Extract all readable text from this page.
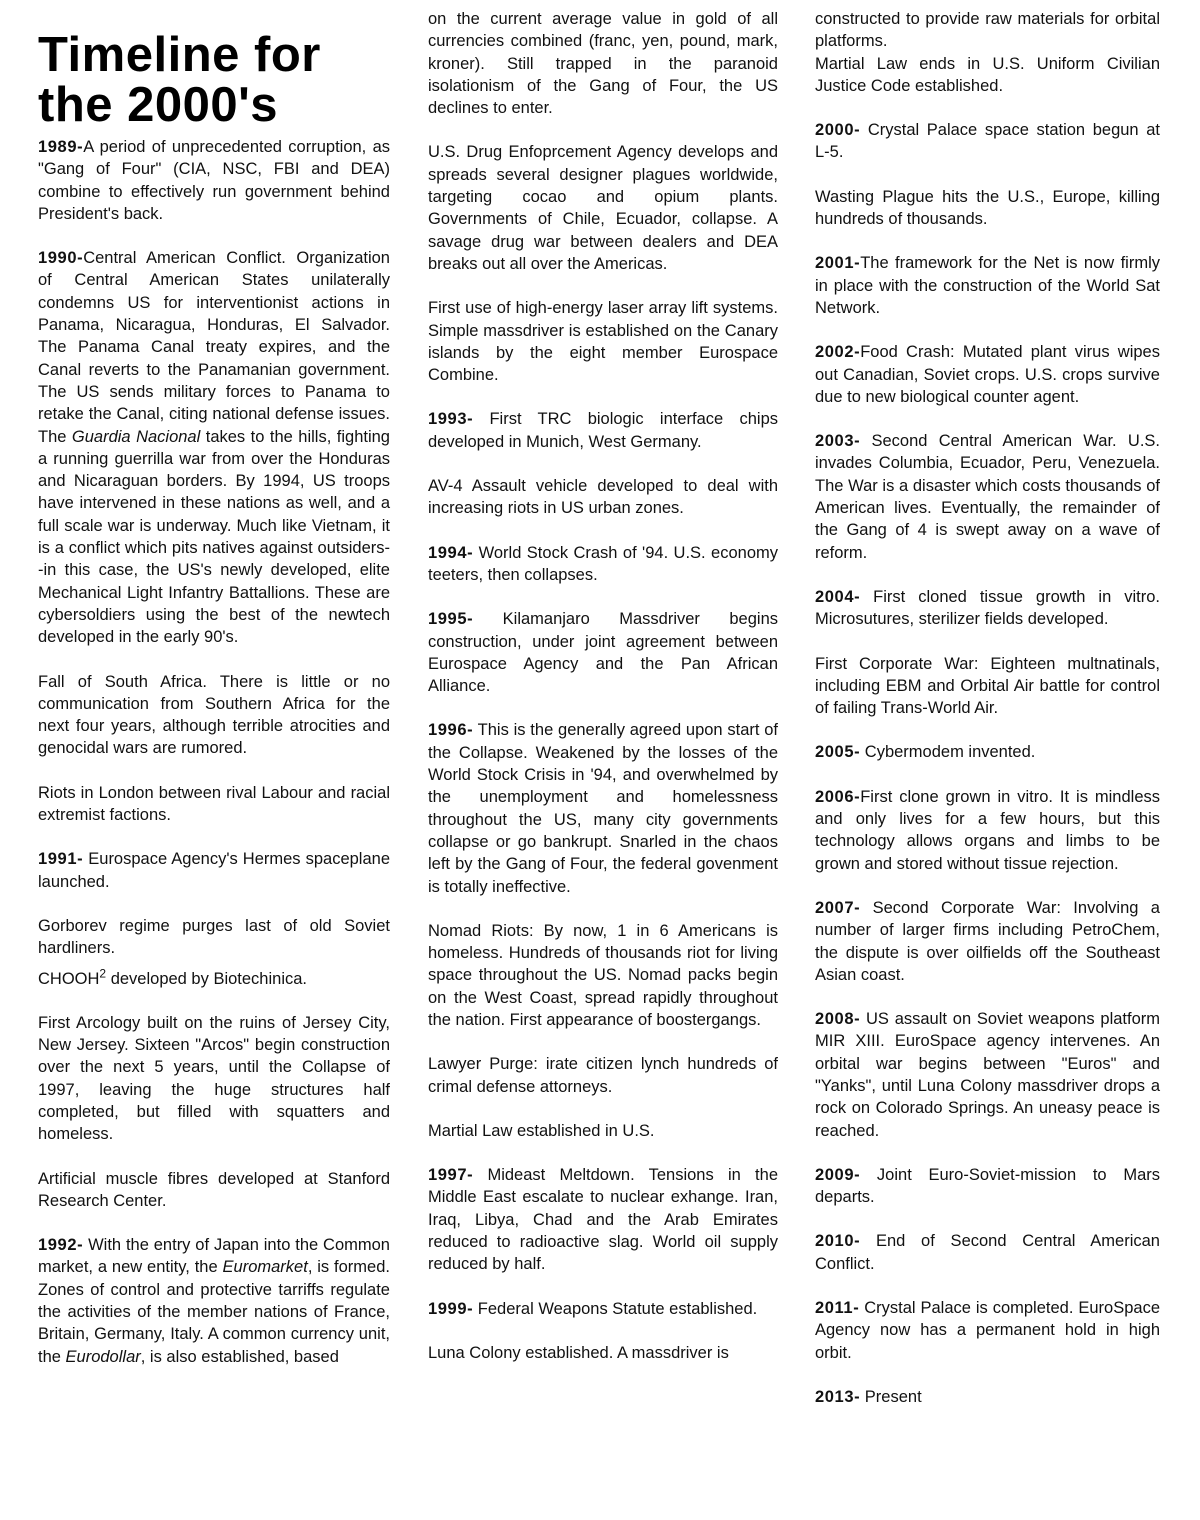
Timeline for
the 2000's

1989-A period of unprecedented corruption, as "Gang of Four" (CIA, NSC, FBI and DEA) combine to effectively run government behind President's back.

1990-Central American Conflict. Organization of Central American States unilaterally condemns US for interventionist actions in Panama, Nicaragua, Honduras, El Salvador. The Panama Canal treaty expires, and the Canal reverts to the Panamanian government. The US sends military forces to Panama to retake the Canal, citing national defense issues. The Guardia Nacional takes to the hills, fighting a running guerrilla war from over the Honduras and Nicaraguan borders. By 1994, US troops have intervened in these nations as well, and a full scale war is underway. Much like Vietnam, it is a conflict which pits natives against outsiders--in this case, the US's newly developed, elite Mechanical Light Infantry Battallions. These are cybersoldiers using the best of the newtech developed in the early 90's.

Fall of South Africa. There is little or no communication from Southern Africa for the next four years, although terrible atrocities and genocidal wars are rumored.

Riots in London between rival Labour and racial extremist factions.

1991- Eurospace Agency's Hermes spaceplane launched.

Gorborev regime purges last of old Soviet hardliners.

CHOOH$^2$ developed by Biotechinica.

First Arcology built on the ruins of Jersey City, New Jersey. Sixteen "Arcos" begin construction over the next 5 years, until the Collapse of 1997, leaving the huge structures half completed, but filled with squatters and homeless.

Artificial muscle fibres developed at Stanford Research Center.

1992- With the entry of Japan into the Common market, a new entity, the Euromarket, is formed. Zones of control and protective tarriffs regulate the activities of the member nations of France, Britain, Germany, Italy. A common currency unit, the Eurodollar, is also established, based

on the current average value in gold of all currencies combined (franc, yen, pound, mark, kroner). Still trapped in the paranoid isolationism of the Gang of Four, the US declines to enter.

U.S. Drug Enfoprcement Agency develops and spreads several designer plagues worldwide, targeting cocao and opium plants. Governments of Chile, Ecuador, collapse. A savage drug war between dealers and DEA breaks out all over the Americas.

First use of high-energy laser array lift systems. Simple massdriver is established on the Canary islands by the eight member Eurospace Combine.

1993- First TRC biologic interface chips developed in Munich, West Germany.

AV-4 Assault vehicle developed to deal with increasing riots in US urban zones.

1994- World Stock Crash of '94. U.S. economy teeters, then collapses.

1995- Kilamanjaro Massdriver begins construction, under joint agreement between Eurospace Agency and the Pan African Alliance.

1996- This is the generally agreed upon start of the Collapse. Weakened by the losses of the World Stock Crisis in '94, and overwhelmed by the unemployment and homelessness throughout the US, many city governments collapse or go bankrupt. Snarled in the chaos left by the Gang of Four, the federal govenment is totally ineffective.

Nomad Riots: By now, 1 in 6 Americans is homeless. Hundreds of thousands riot for living space throughout the US. Nomad packs begin on the West Coast, spread rapidly throughout the nation. First appearance of boostergangs.

Lawyer Purge: irate citizen lynch hundreds of crimal defense attorneys.

Martial Law established in U.S.

1997- Mideast Meltdown. Tensions in the Middle East escalate to nuclear exhange. Iran, Iraq, Libya, Chad and the Arab Emirates reduced to radioactive slag. World oil supply reduced by half.

1999- Federal Weapons Statute established.

Luna Colony established. A massdriver is

constructed to provide raw materials for orbital platforms.

Martial Law ends in U.S. Uniform Civilian Justice Code established.

2000- Crystal Palace space station begun at L-5.

Wasting Plague hits the U.S., Europe, killing hundreds of thousands.

2001-The framework for the Net is now firmly in place with the construction of the World Sat Network.

2002-Food Crash: Mutated plant virus wipes out Canadian, Soviet crops. U.S. crops survive due to new biological counter agent.

2003- Second Central American War. U.S. invades Columbia, Ecuador, Peru, Venezuela. The War is a disaster which costs thousands of American lives. Eventually, the remainder of the Gang of 4 is swept away on a wave of reform.

2004- First cloned tissue growth in vitro. Microsutures, sterilizer fields developed.

First Corporate War: Eighteen multnatinals, including EBM and Orbital Air battle for control of failing Trans-World Air.

2005- Cybermodem invented.

2006-First clone grown in vitro. It is mindless and only lives for a few hours, but this technology allows organs and limbs to be grown and stored without tissue rejection.

2007- Second Corporate War: Involving a number of larger firms including PetroChem, the dispute is over oilfields off the Southeast Asian coast.

2008- US assault on Soviet weapons platform MIR XIII. EuroSpace agency intervenes. An orbital war begins between "Euros" and "Yanks", until Luna Colony massdriver drops a rock on Colorado Springs. An uneasy peace is reached.

2009- Joint Euro-Soviet-mission to Mars departs.

2010- End of Second Central American Conflict.

2011- Crystal Palace is completed. EuroSpace Agency now has a permanent hold in high orbit.

2013- Present
